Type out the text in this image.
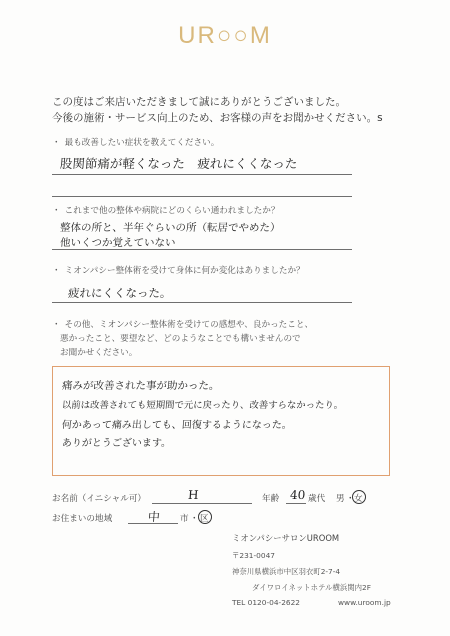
UR○○M
この度はご来店いただきまして誠にありがとうございました。
今後の施術・サービス向上のため、お客様の声をお聞かせください。s
・ 最も改善したい症状を教えてください。
股関節痛が軽くなった　疲れにくくなった
・ これまで他の整体や病院にどのくらい通われましたか？
整体の所と、半年ぐらいの所（転居でやめた）
他いくつか覚えていない
・ ミオンパシー整体術を受けて身体に何か変化はありましたか？
疲れにくくなった。
・ その他、ミオンパシー整体術を受けての感想や、良かったこと、
悪かったこと、要望など、どのようなことでも構いませんので
お聞かせください。
痛みが改善された事が助かった。
以前は改善されても短期間で元に戻ったり、改善すらなかったり。
何かあって痛み出しても、回復するようになった。
ありがとうございます。
お名前（イニシャル可）	H	年齢 40 歳代 男 ・ 女
お住まいの地域	中 市 ・ 区
ミオンパシーサロンUROOM
〒231-0047
神奈川県横浜市中区羽衣町2-7-4
ダイワロイネットホテル横浜関内2F
TEL 0120-04-2622	www.uroom.jp
